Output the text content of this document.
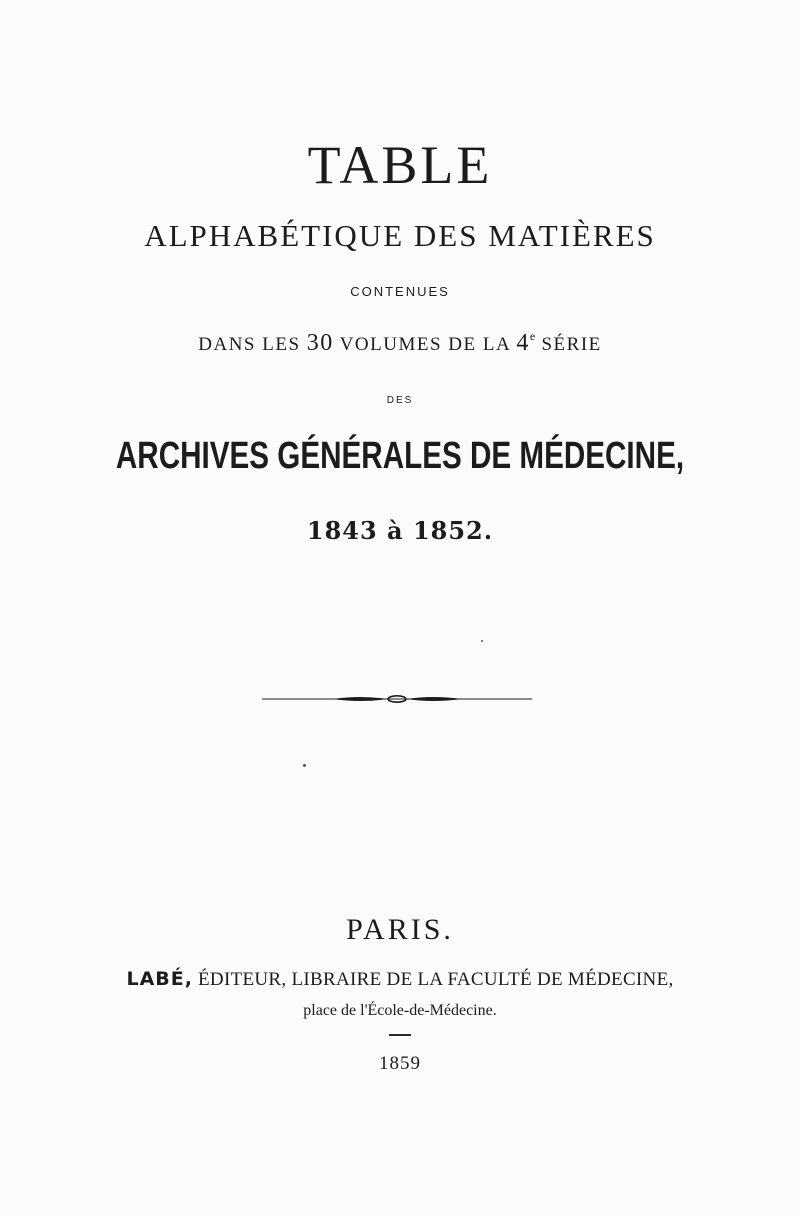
TABLE
ALPHABÉTIQUE DES MATIÈRES
CONTENUES
DANS LES 30 VOLUMES DE LA 4e SÉRIE
DES
ARCHIVES GÉNÉRALES DE MÉDECINE,
1843 à 1852.
PARIS.
LABÉ, ÉDITEUR, LIBRAIRE DE LA FACULTÉ DE MÉDECINE,
place de l'École-de-Médecine.
1859
